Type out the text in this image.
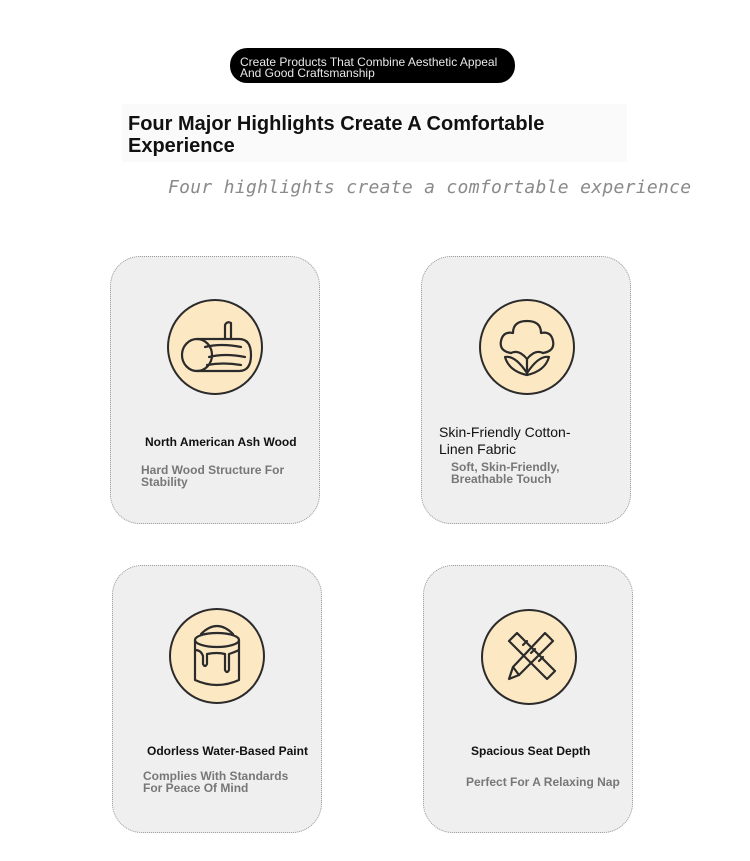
Create Products That Combine Aesthetic Appeal And Good Craftsmanship
Four Major Highlights Create A Comfortable Experience
Four highlights create a comfortable experience
North American Ash Wood
Hard Wood Structure For Stability
Skin-Friendly Cotton-Linen Fabric
Soft, Skin-Friendly, Breathable Touch
Odorless Water-Based Paint
Complies With Standards For Peace Of Mind
Spacious Seat Depth
Perfect For A Relaxing Nap
